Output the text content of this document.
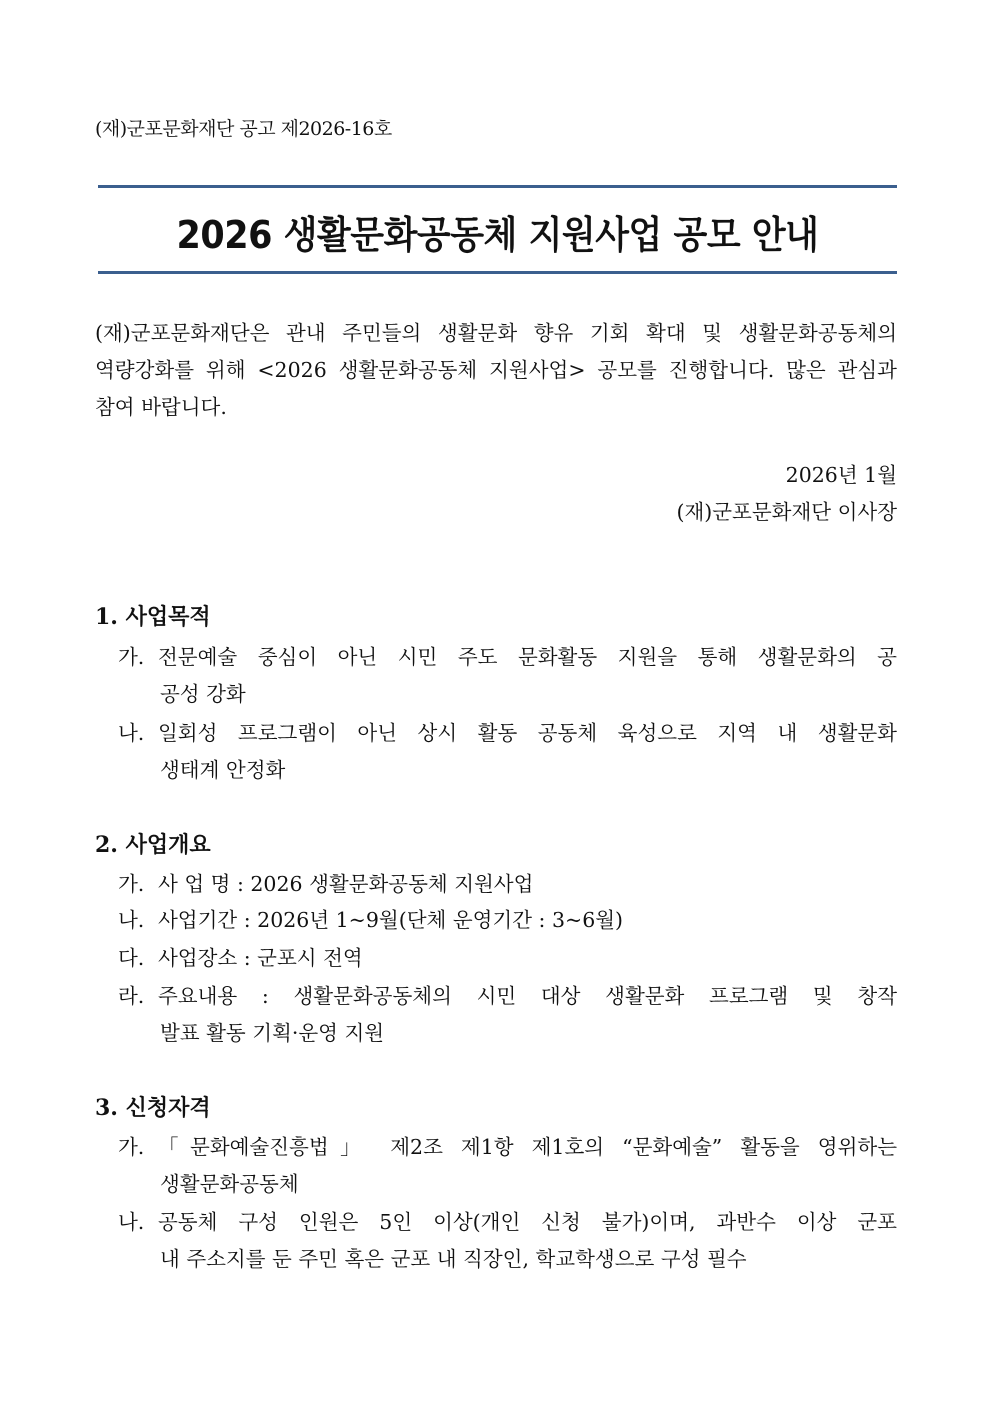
(재)군포문화재단 공고 제2026-16호
2026 생활문화공동체 지원사업 공모 안내
(재)군포문화재단은 관내 주민들의 생활문화 향유 기회 확대 및 생활문화공동체의
역량강화를 위해 <2026 생활문화공동체 지원사업> 공모를 진행합니다. 많은 관심과
참여 바랍니다.
2026년 1월
(재)군포문화재단 이사장
1. 사업목적
가. 전문예술 중심이 아닌 시민 주도 문화활동 지원을 통해 생활문화의 공
공성 강화
나. 일회성 프로그램이 아닌 상시 활동 공동체 육성으로 지역 내 생활문화
생태계 안정화
2. 사업개요
가. 사 업 명 : 2026 생활문화공동체 지원사업
나. 사업기간 : 2026년 1~9월(단체 운영기간 : 3~6월)
다. 사업장소 : 군포시 전역
라. 주요내용 : 생활문화공동체의 시민 대상 생활문화 프로그램 및 창작
발표 활동 기획·운영 지원
3. 신청자격
가. 「문화예술진흥법」 제2조 제1항 제1호의 “문화예술” 활동을 영위하는
생활문화공동체
나. 공동체 구성 인원은 5인 이상(개인 신청 불가)이며, 과반수 이상 군포
내 주소지를 둔 주민 혹은 군포 내 직장인, 학교학생으로 구성 필수
